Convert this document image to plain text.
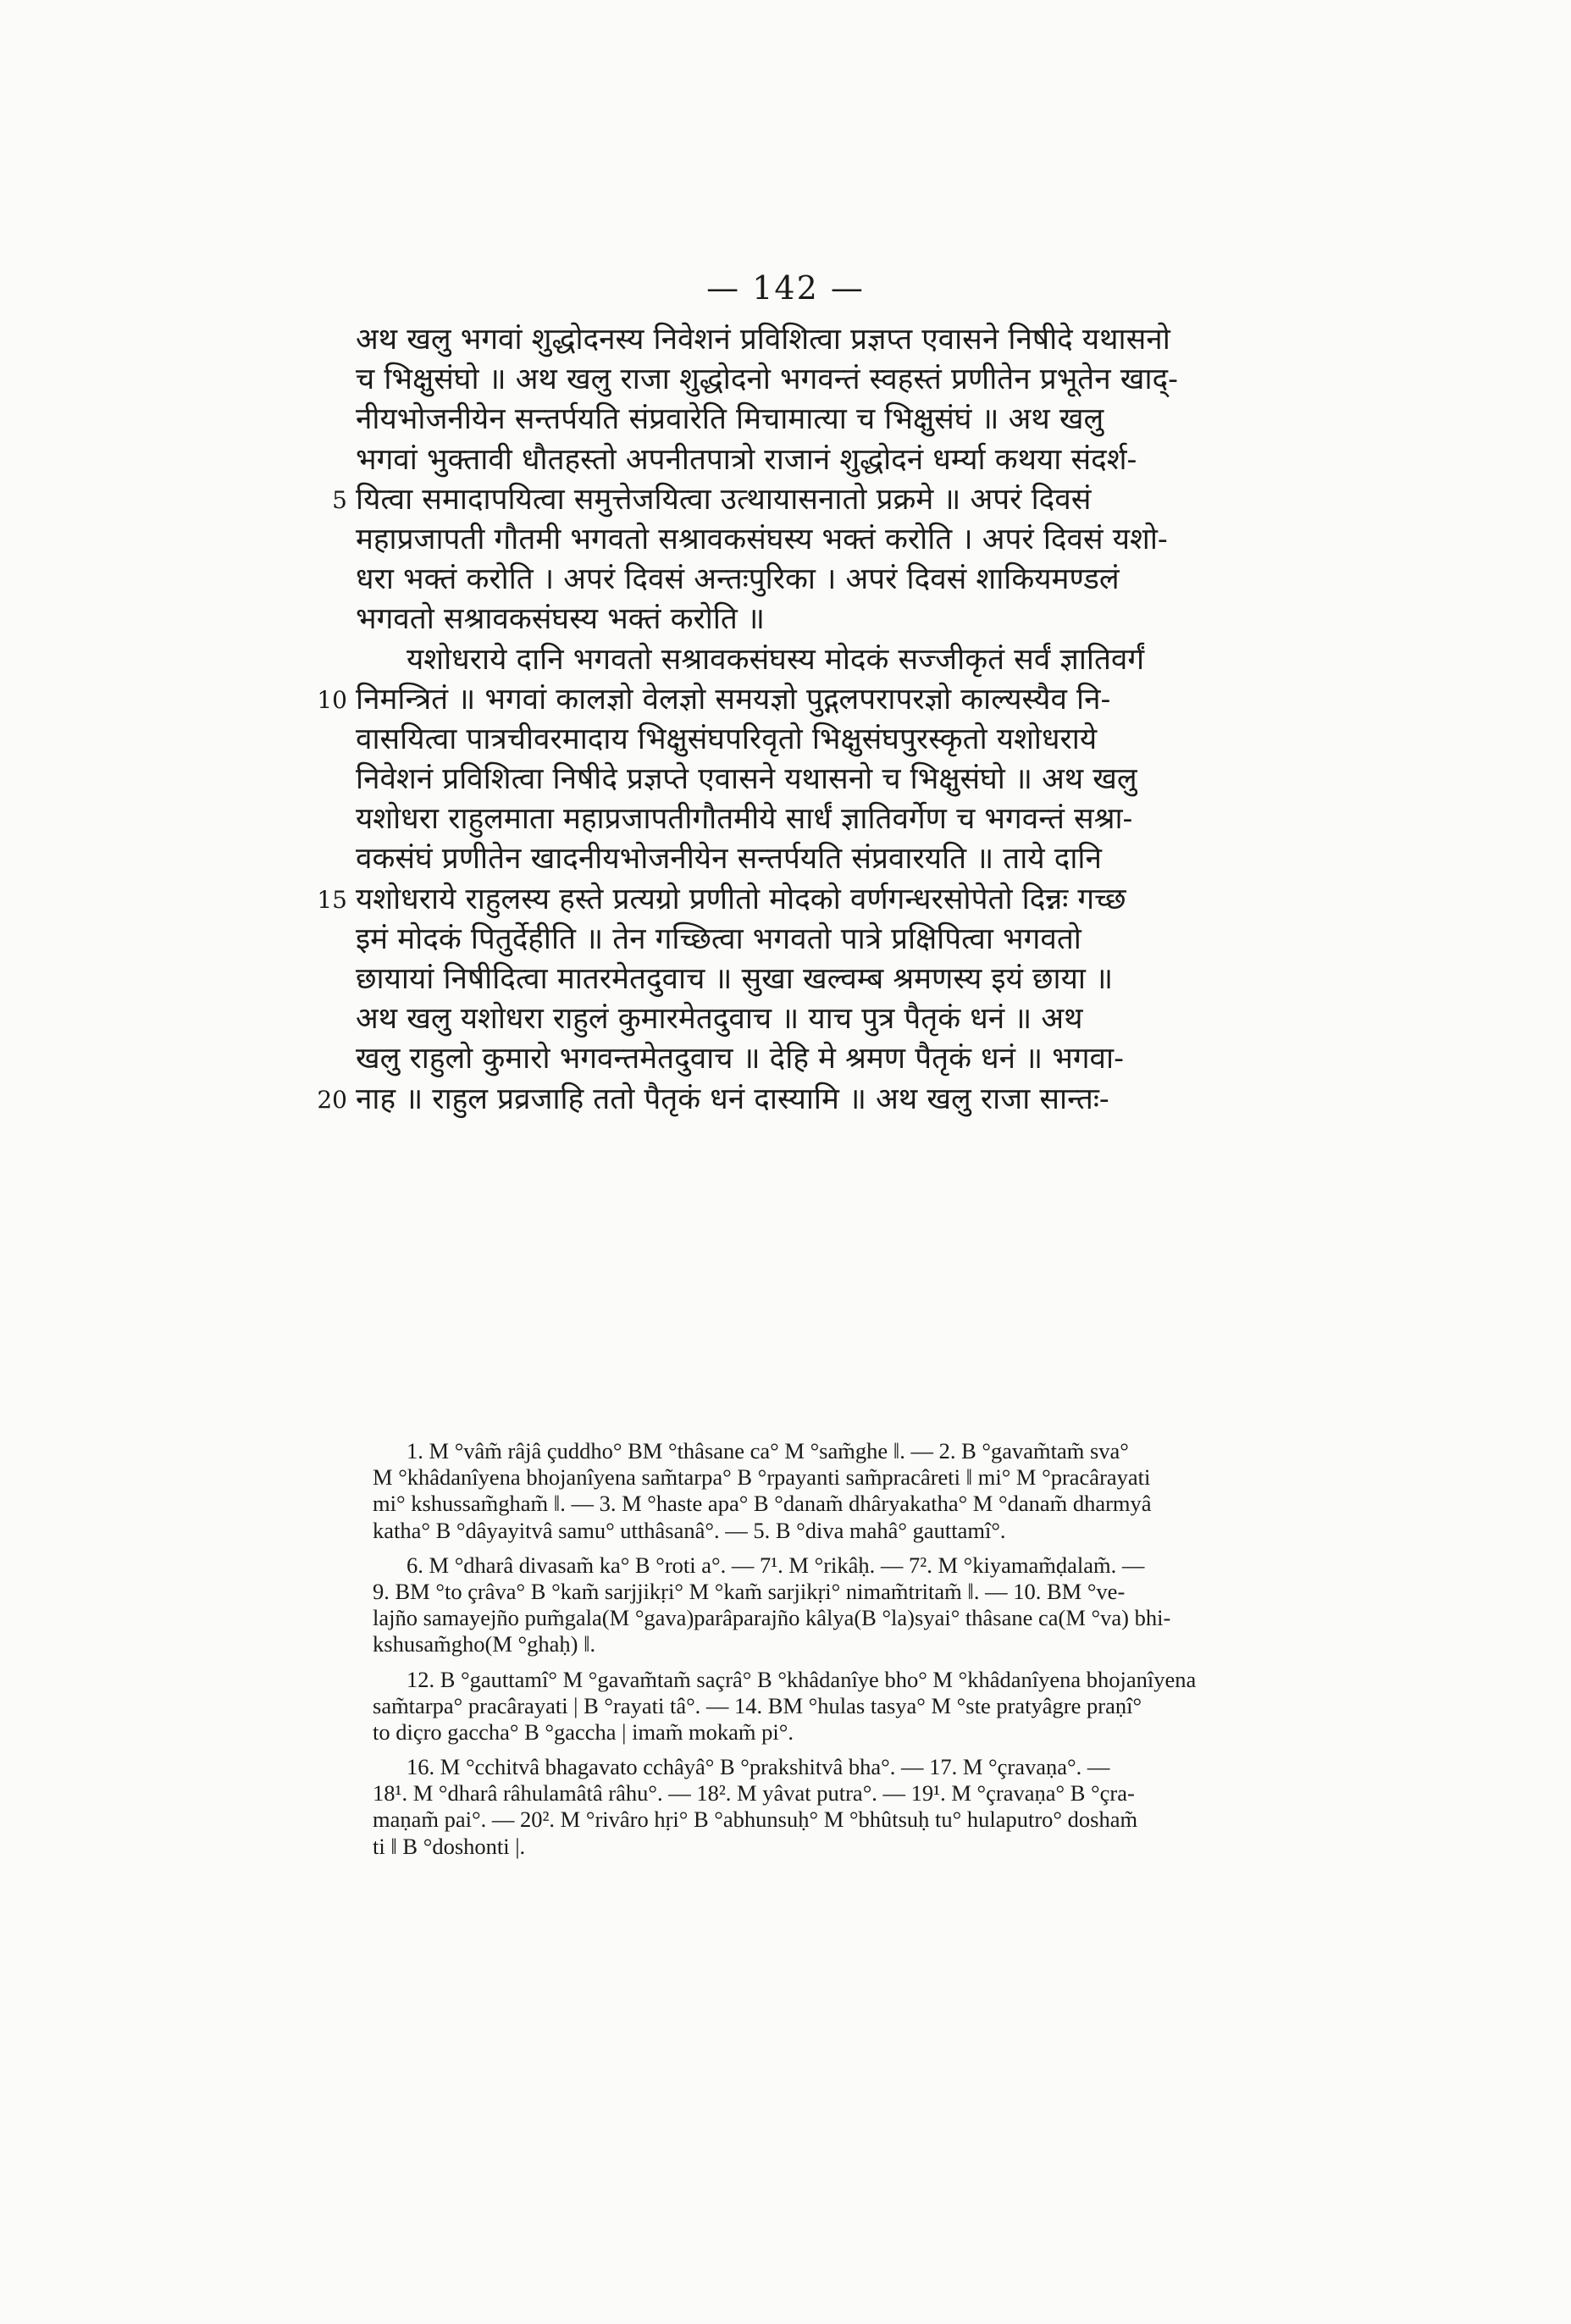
— 142 —
अथ खलु भगवां शुद्धोदनस्य निवेशनं प्रविशित्वा प्रज्ञप्त एवासने निषीदे यथासनो
च भिक्षुसंघो ॥ अथ खलु राजा शुद्धोदनो भगवन्तं स्वहस्तं प्रणीतेन प्रभूतेन खाद्-
नीयभोजनीयेन सन्तर्पयति संप्रवारेति मिचामात्या च भिक्षुसंघं ॥ अथ खलु
भगवां भुक्तावी धौतहस्तो अपनीतपात्रो राजानं शुद्धोदनं धर्म्या कथया संदर्श-
5 यित्वा समादापयित्वा समुत्तेजयित्वा उत्थायासनातो प्रक्रमे ॥ अपरं दिवसं
महाप्रजापती गौतमी भगवतो सश्रावकसंघस्य भक्तं करोति । अपरं दिवसं यशो-
धरा भक्तं करोति । अपरं दिवसं अन्तःपुरिका । अपरं दिवसं शाकियमण्डलं
भगवतो सश्रावकसंघस्य भक्तं करोति ॥
यशोधराये दानि भगवतो सश्रावकसंघस्य मोदकं सज्जीकृतं सर्वं ज्ञातिवर्गं
10 निमन्त्रितं ॥ भगवां कालज्ञो वेलज्ञो समयज्ञो पुद्गलपरापरज्ञो काल्यस्यैव नि-
वासयित्वा पात्रचीवरमादाय भिक्षुसंघपरिवृतो भिक्षुसंघपुरस्कृतो यशोधराये
निवेशनं प्रविशित्वा निषीदे प्रज्ञप्ते एवासने यथासनो च भिक्षुसंघो ॥ अथ खलु
यशोधरा राहुलमाता महाप्रजापतीगौतमीये सार्धं ज्ञातिवर्गेण च भगवन्तं सश्रा-
वकसंघं प्रणीतेन खादनीयभोजनीयेन सन्तर्पयति संप्रवारयति ॥ ताये दानि
15 यशोधराये राहुलस्य हस्ते प्रत्यग्रो प्रणीतो मोदको वर्णगन्धरसोपेतो दिन्नः गच्छ
इमं मोदकं पितुर्देहीति ॥ तेन गच्छित्वा भगवतो पात्रे प्रक्षिपित्वा भगवतो
छायायां निषीदित्वा मातरमेतदुवाच ॥ सुखा खल्वम्ब श्रमणस्य इयं छाया ॥
अथ खलु यशोधरा राहुलं कुमारमेतदुवाच ॥ याच पुत्र पैतृकं धनं ॥ अथ
खलु राहुलो कुमारो भगवन्तमेतदुवाच ॥ देहि मे श्रमण पैतृकं धनं ॥ भगवा-
20 नाह ॥ राहुल प्रव्रजाहि ततो पैतृकं धनं दास्यामि ॥ अथ खलु राजा सान्तः-
1. M °vâm̃ râjâ çuddho° BM °thâsane ca° M °sam̃ghe ‖. — 2. B °gavam̃tam̃ sva°
M °khâdanîyena bhojanîyena sam̃tarpa° B °rpayanti sam̃pracâreti ‖ mi° M °pracârayati
mi° kshussam̃gham̃ ‖. — 3. M °haste apa° B °danam̃ dhâryakatha° M °danam̃ dharmyâ
katha° B °dâyayitvâ samu° utthâsanâ°. — 5. B °diva mahâ° gauttamî°.
6. M °dharâ divasam̃ ka° B °roti a°. — 7¹. M °rikâḥ. — 7². M °kiyamam̃ḍalam̃. —
9. BM °to çrâva° B °kam̃ sarjjikṛi° M °kam̃ sarjikṛi° nimam̃tritam̃ ‖. — 10. BM °ve-
lajño samayejño pum̃gala(M °gava)parâparajño kâlya(B °la)syai° thâsane ca(M °va) bhi-
kshusam̃gho(M °ghaḥ) ‖.
12. B °gauttamî° M °gavam̃tam̃ saçrâ° B °khâdanîye bho° M °khâdanîyena bhojanîyena
sam̃tarpa° pracârayati | B °rayati tâ°. — 14. BM °hulas tasya° M °ste pratyâgre praṇî°
to diçro gaccha° B °gaccha | imam̃ mokam̃ pi°.
16. M °cchitvâ bhagavato cchâyâ° B °prakshitvâ bha°. — 17. M °çravaṇa°. —
18¹. M °dharâ râhulamâtâ râhu°. — 18². M yâvat putra°. — 19¹. M °çravaṇa° B °çra-
maṇam̃ pai°. — 20². M °rivâro hṛi° B °abhunsuḥ° M °bhûtsuḥ tu° hulaputro° dosham̃
ti ‖ B °doshonti |.
